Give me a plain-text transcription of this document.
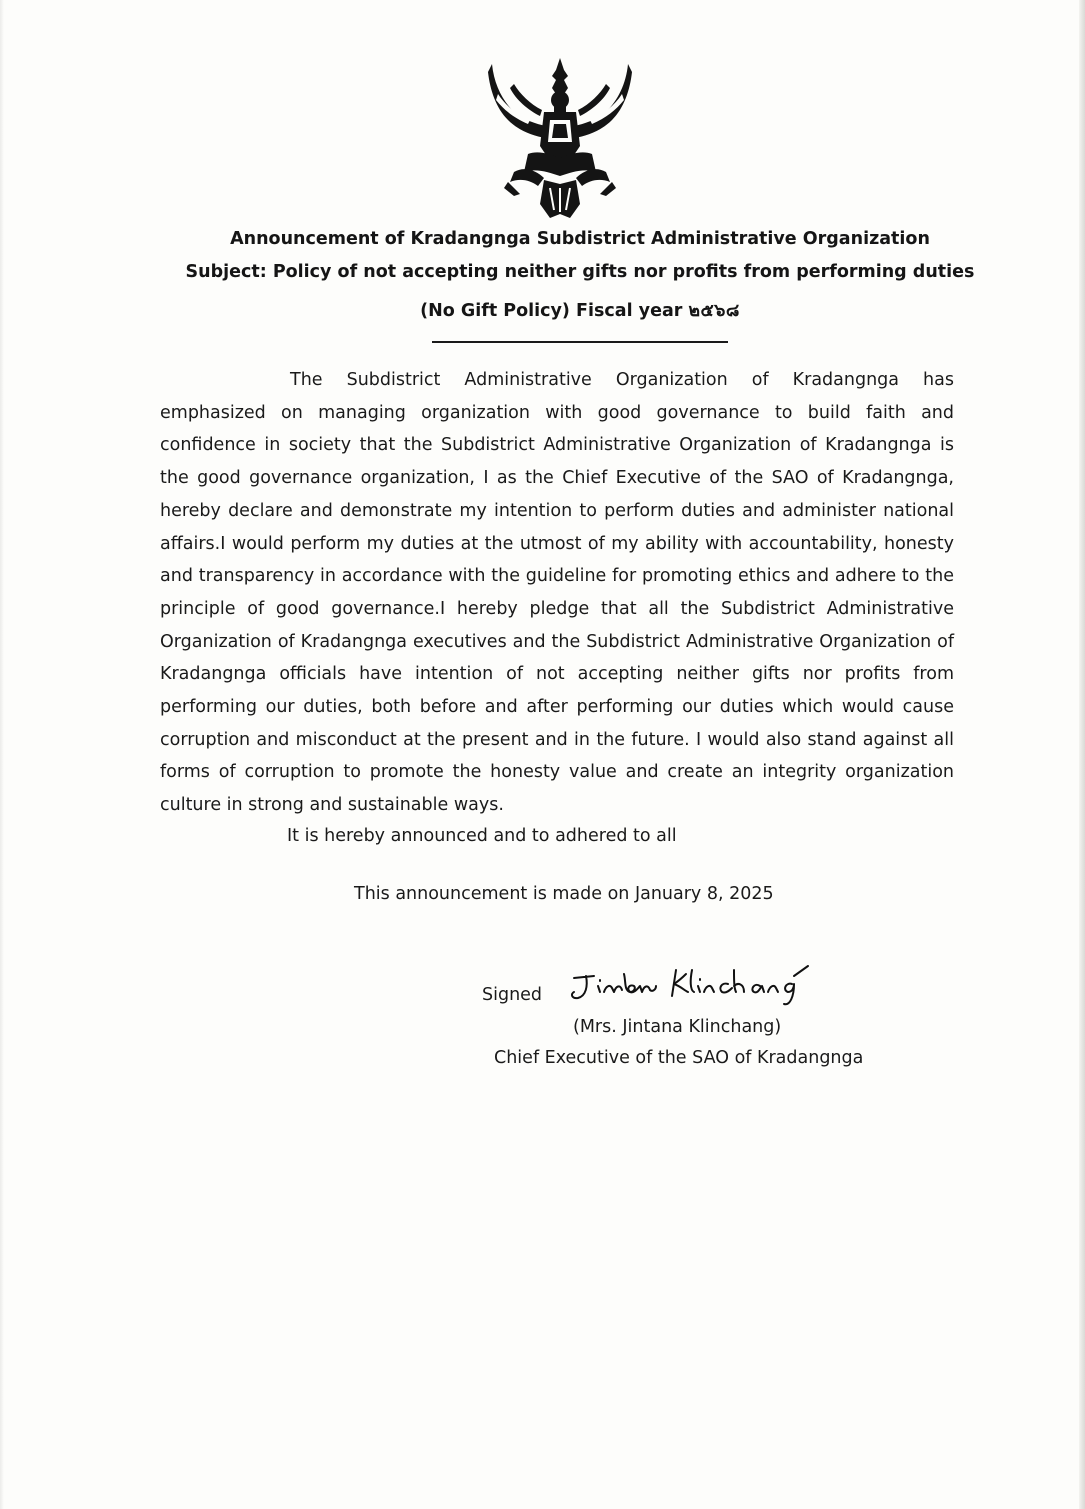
Announcement of Kradangnga Subdistrict Administrative Organization
Subject: Policy of not accepting neither gifts nor profits from performing duties
(No Gift Policy) Fiscal year ๒๕๖๘

The Subdistrict Administrative Organization of Kradangnga has emphasized on managing organization with good governance to build faith and confidence in society that the Subdistrict Administrative Organization of Kradangnga is the good governance organization, I as the Chief Executive of the SAO of Kradangnga, hereby declare and demonstrate my intention to perform duties and administer national affairs.I would perform my duties at the utmost of my ability with accountability, honesty and transparency in accordance with the guideline for promoting ethics and adhere to the principle of good governance.I hereby pledge that all the Subdistrict Administrative Organization of Kradangnga executives and the Subdistrict Administrative Organization of Kradangnga officials have intention of not accepting neither gifts nor profits from performing our duties, both before and after performing our duties which would cause corruption and misconduct at the present and in the future. I would also stand against all forms of corruption to promote the honesty value and create an integrity organization culture in strong and sustainable ways.

It is hereby announced and to adhered to all
This announcement is made on January 8, 2025
Signed
(Mrs. Jintana Klinchang)
Chief Executive of the SAO of Kradangnga
